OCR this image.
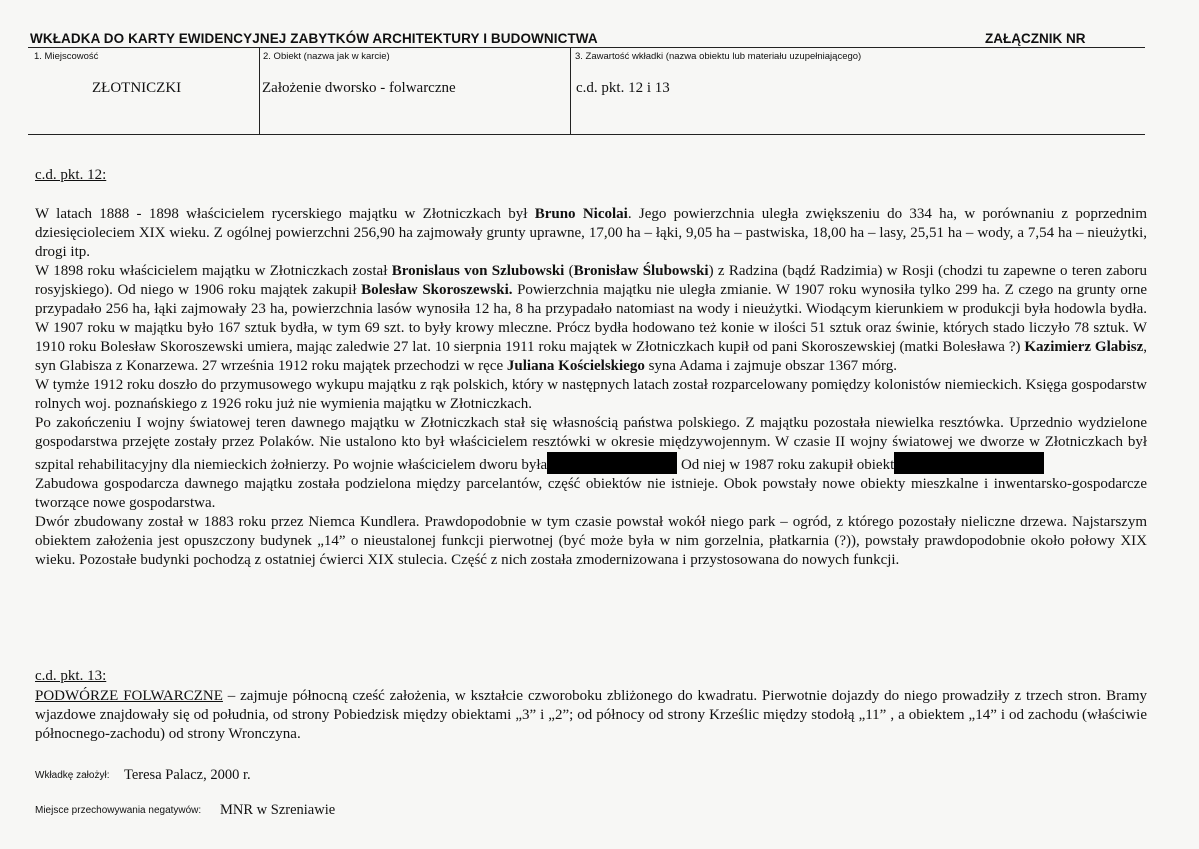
WKŁADKA DO KARTY EWIDENCYJNEJ ZABYTKÓW ARCHITEKTURY I BUDOWNICTWA	ZAŁĄCZNIK NR
1. Miejscowość
ZŁOTNICZKI
2. Obiekt (nazwa jak w karcie)
Założenie dworsko - folwarczne
3. Zawartość wkładki (nazwa obiektu lub materiału uzupełniającego)
c.d. pkt. 12 i 13
c.d. pkt. 12:

W latach 1888 - 1898 właścicielem rycerskiego majątku w Złotniczkach był Bruno Nicolai. Jego powierzchnia uległa zwiększeniu do 334 ha, w porównaniu z poprzednim dziesięcioleciem XIX wieku. Z ogólnej powierzchni 256,90 ha zajmowały grunty uprawne, 17,00 ha – łąki, 9,05 ha – pastwiska, 18,00 ha – lasy, 25,51 ha – wody, a 7,54 ha – nieużytki, drogi itp.

W 1898 roku właścicielem majątku w Złotniczkach został Bronislaus von Szlubowski (Bronisław Ślubowski) z Radzina (bądź Radzimia) w Rosji (chodzi tu zapewne o teren zaboru rosyjskiego). Od niego w 1906 roku majątek zakupił Bolesław Skoroszewski. Powierzchnia majątku nie uległa zmianie. W 1907 roku wynosiła tylko 299 ha. Z czego na grunty orne przypadało 256 ha, łąki zajmowały 23 ha, powierzchnia lasów wynosiła 12 ha, 8 ha przypadało natomiast na wody i nieużytki. Wiodącym kierunkiem w produkcji była hodowla bydła. W 1907 roku w majątku było 167 sztuk bydła, w tym 69 szt. to były krowy mleczne. Prócz bydła hodowano też konie w ilości 51 sztuk oraz świnie, których stado liczyło 78 sztuk. W 1910 roku Bolesław Skoroszewski umiera, mając zaledwie 27 lat. 10 sierpnia 1911 roku majątek w Złotniczkach kupił od pani Skoroszewskiej (matki Bolesława ?) Kazimierz Glabisz, syn Glabisza z Konarzewa. 27 września 1912 roku majątek przechodzi w ręce Juliana Kościelskiego syna Adama i zajmuje obszar 1367 mórg.

W tymże 1912 roku doszło do przymusowego wykupu majątku z rąk polskich, który w następnych latach został rozparcelowany pomiędzy kolonistów niemieckich. Księga gospodarstw rolnych woj. poznańskiego z 1926 roku już nie wymienia majątku w Złotniczkach.

Po zakończeniu I wojny światowej teren dawnego majątku w Złotniczkach stał się własnością państwa polskiego. Z majątku pozostała niewielka resztówka. Uprzednio wydzielone gospodarstwa przejęte zostały przez Polaków. Nie ustalono kto był właścicielem resztówki w okresie międzywojennym. W czasie II wojny światowej we dworze w Złotniczkach był szpital rehabilitacyjny dla niemieckich żołnierzy. Po wojnie właścicielem dworu była	Od niej w 1987 roku zakupił obiekt

Zabudowa gospodarcza dawnego majątku została podzielona między parcelantów, część obiektów nie istnieje. Obok powstały nowe obiekty mieszkalne i inwentarsko-gospodarcze tworzące nowe gospodarstwa.

Dwór zbudowany został w 1883 roku przez Niemca Kundlera. Prawdopodobnie w tym czasie powstał wokół niego park – ogród, z którego pozostały nieliczne drzewa. Najstarszym obiektem założenia jest opuszczony budynek „14” o nieustalonej funkcji pierwotnej (być może była w nim gorzelnia, płatkarnia (?)), powstały prawdopodobnie około połowy XIX wieku. Pozostałe budynki pochodzą z ostatniej ćwierci XIX stulecia. Część z nich została zmodernizowana i przystosowana do nowych funkcji.

c.d. pkt. 13:

PODWÓRZE FOLWARCZNE – zajmuje północną cześć założenia, w kształcie czworoboku zbliżonego do kwadratu. Pierwotnie dojazdy do niego prowadziły z trzech stron. Bramy wjazdowe znajdowały się od południa, od strony Pobiedzisk między obiektami „3” i „2”; od północy od strony Krześlic między stodołą „11” , a obiektem „14” i od zachodu (właściwie północnego-zachodu) od strony Wronczyna.

Wkładkę założył: Teresa Palacz, 2000 r.
Miejsce przechowywania negatywów: MNR w Szreniawie
